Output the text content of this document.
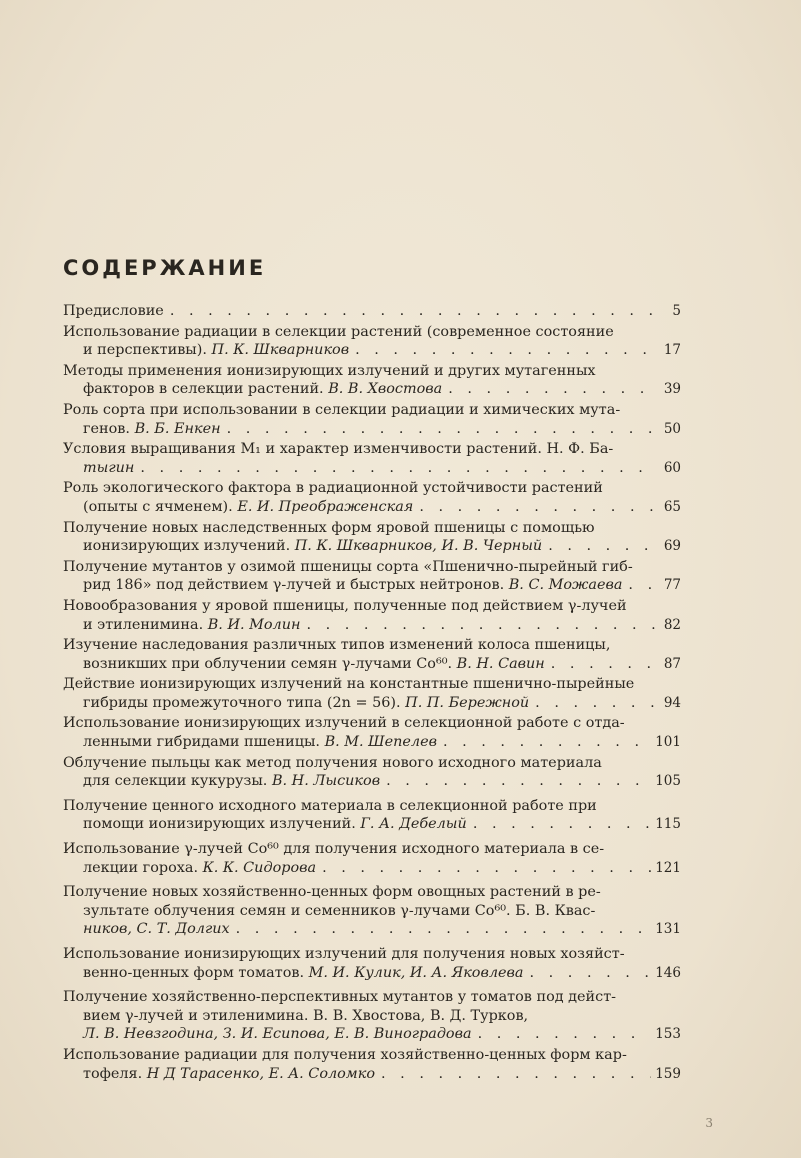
СОДЕРЖАНИЕ
Предисловие . . .	5
Использование радиации в селекции растений (современное состояние
и перспективы). П. К. Шкварников . . .	17
Методы применения ионизирующих излучений и других мутагенных
факторов в селекции растений. В. В. Хвостова . . .	39
Роль сорта при использовании в селекции радиации и химических мута-
генов. В. Б. Енкен . . .	50
Условия выращивания M₁ и характер изменчивости растений. Н. Ф. Ба-
тыгин . . .	60
Роль экологического фактора в радиационной устойчивости растений
(опыты с ячменем). Е. И. Преображенская . . .	65
Получение новых наследственных форм яровой пшеницы с помощью
ионизирующих излучений. П. К. Шкварников, И. В. Черный . . .	69
Получение мутантов у озимой пшеницы сорта «Пшенично-пырейный гиб-
рид 186» под действием γ-лучей и быстрых нейтронов. В. С. Можаева . . .	77
Новообразования у яровой пшеницы, полученные под действием γ-лучей
и этиленимина. В. И. Молин . . .	82
Изучение наследования различных типов изменений колоса пшеницы,
возникших при облучении семян γ-лучами Co⁶⁰. В. Н. Савин . . .	87
Действие ионизирующих излучений на константные пшенично-пырейные
гибриды промежуточного типа (2n = 56). П. П. Бережной . . .	94
Использование ионизирующих излучений в селекционной работе с отда-
ленными гибридами пшеницы. В. М. Шепелев . . .	101
Облучение пыльцы как метод получения нового исходного материала
для селекции кукурузы. В. Н. Лысиков . . .	105
Получение ценного исходного материала в селекционной работе при
помощи ионизирующих излучений. Г. А. Дебелый . . .	115
Использование γ-лучей Co⁶⁰ для получения исходного материала в се-
лекции гороха. К. К. Сидорова . . .	121
Получение новых хозяйственно-ценных форм овощных растений в ре-
зультате облучения семян и семенников γ-лучами Co⁶⁰. Б. В. Квас-
ников, С. Т. Долгих . . .	131
Использование ионизирующих излучений для получения новых хозяйст-
венно-ценных форм томатов. М. И. Кулик, И. А. Яковлева . . .	146
Получение хозяйственно-перспективных мутантов у томатов под дейст-
вием γ-лучей и этиленимина. В. В. Хвостова, В. Д. Турков,
Л. В. Невзгодина, З. И. Есипова, Е. В. Виноградова . . .	153
Использование радиации для получения хозяйственно-ценных форм кар-
тофеля. Н Д Тарасенко, Е. А. Соломко . . .	159
3
